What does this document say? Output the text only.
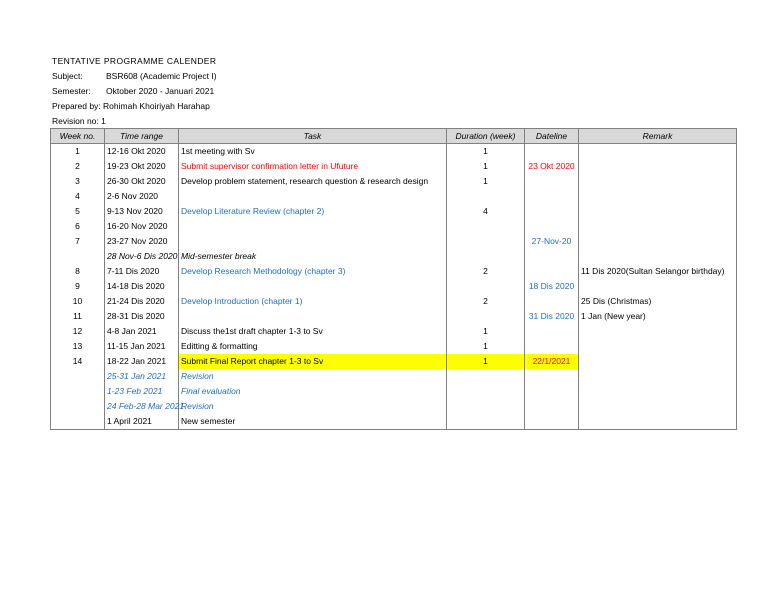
TENTATIVE PROGRAMME CALENDER
Subject:	BSR608 (Academic Project I)
Semester: Oktober 2020 - Januari 2021
Prepared by: Rohimah Khoiriyah Harahap
Revision no: 1
Week no.	Time range	Task	Duration (week)	Dateline	Remark
1	12-16 Okt 2020	1st meeting with Sv	1		
2	19-23 Okt 2020	Submit supervisor confirmation letter in Ufuture	1	23 Okt 2020	
3	26-30 Okt 2020	Develop problem statement, research question & research design	1		
4	2-6 Nov 2020				
5	9-13 Nov 2020	Develop Literature Review (chapter 2)	4		
6	16-20 Nov 2020				
7	23-27 Nov 2020			27-Nov-20	
	28 Nov-6 Dis 2020	Mid-semester break			
8	7-11 Dis 2020	Develop Research Methodology (chapter 3)	2		11 Dis 2020(Sultan Selangor birthday)
9	14-18 Dis 2020			18 Dis 2020	
10	21-24 Dis 2020	Develop Introduction (chapter 1)	2		25 Dis (Christmas)
11	28-31 Dis 2020			31 Dis 2020	1 Jan (New year)
12	4-8 Jan 2021	Discuss the1st draft chapter 1-3 to Sv	1		
13	11-15 Jan 2021	Editting & formatting	1		
14	18-22 Jan 2021	Submit Final Report chapter 1-3 to Sv	1	22/1/2021	
	25-31 Jan 2021	Revision			
	1-23 Feb 2021	Final evaluation			
	24 Feb-28 Mar 2021	Revision			
	1 April 2021	New semester			
